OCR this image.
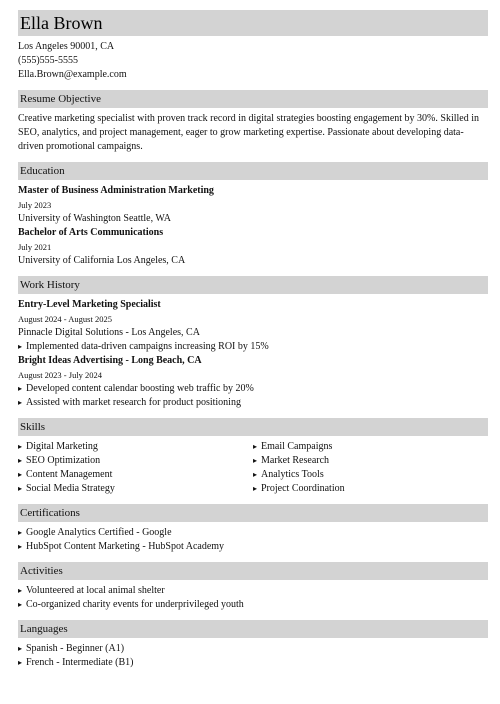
Ella Brown
Los Angeles 90001, CA
(555)555-5555
Ella.Brown@example.com
Resume Objective
Creative marketing specialist with proven track record in digital strategies boosting engagement by 30%. Skilled in SEO, analytics, and project management, eager to grow marketing expertise. Passionate about developing data-driven promotional campaigns.
Education
Master of Business Administration Marketing
July 2023
University of Washington Seattle, WA
Bachelor of Arts Communications
July 2021
University of California Los Angeles, CA
Work History
Entry-Level Marketing Specialist
August 2024 - August 2025
Pinnacle Digital Solutions - Los Angeles, CA
▸ Implemented data-driven campaigns increasing ROI by 15%
Bright Ideas Advertising - Long Beach, CA
August 2023 - July 2024
▸ Developed content calendar boosting web traffic by 20%
▸ Assisted with market research for product positioning
Skills
▸ Digital Marketing
▸ SEO Optimization
▸ Content Management
▸ Social Media Strategy
▸ Email Campaigns
▸ Market Research
▸ Analytics Tools
▸ Project Coordination
Certifications
▸ Google Analytics Certified - Google
▸ HubSpot Content Marketing - HubSpot Academy
Activities
▸ Volunteered at local animal shelter
▸ Co-organized charity events for underprivileged youth
Languages
▸ Spanish - Beginner (A1)
▸ French - Intermediate (B1)
